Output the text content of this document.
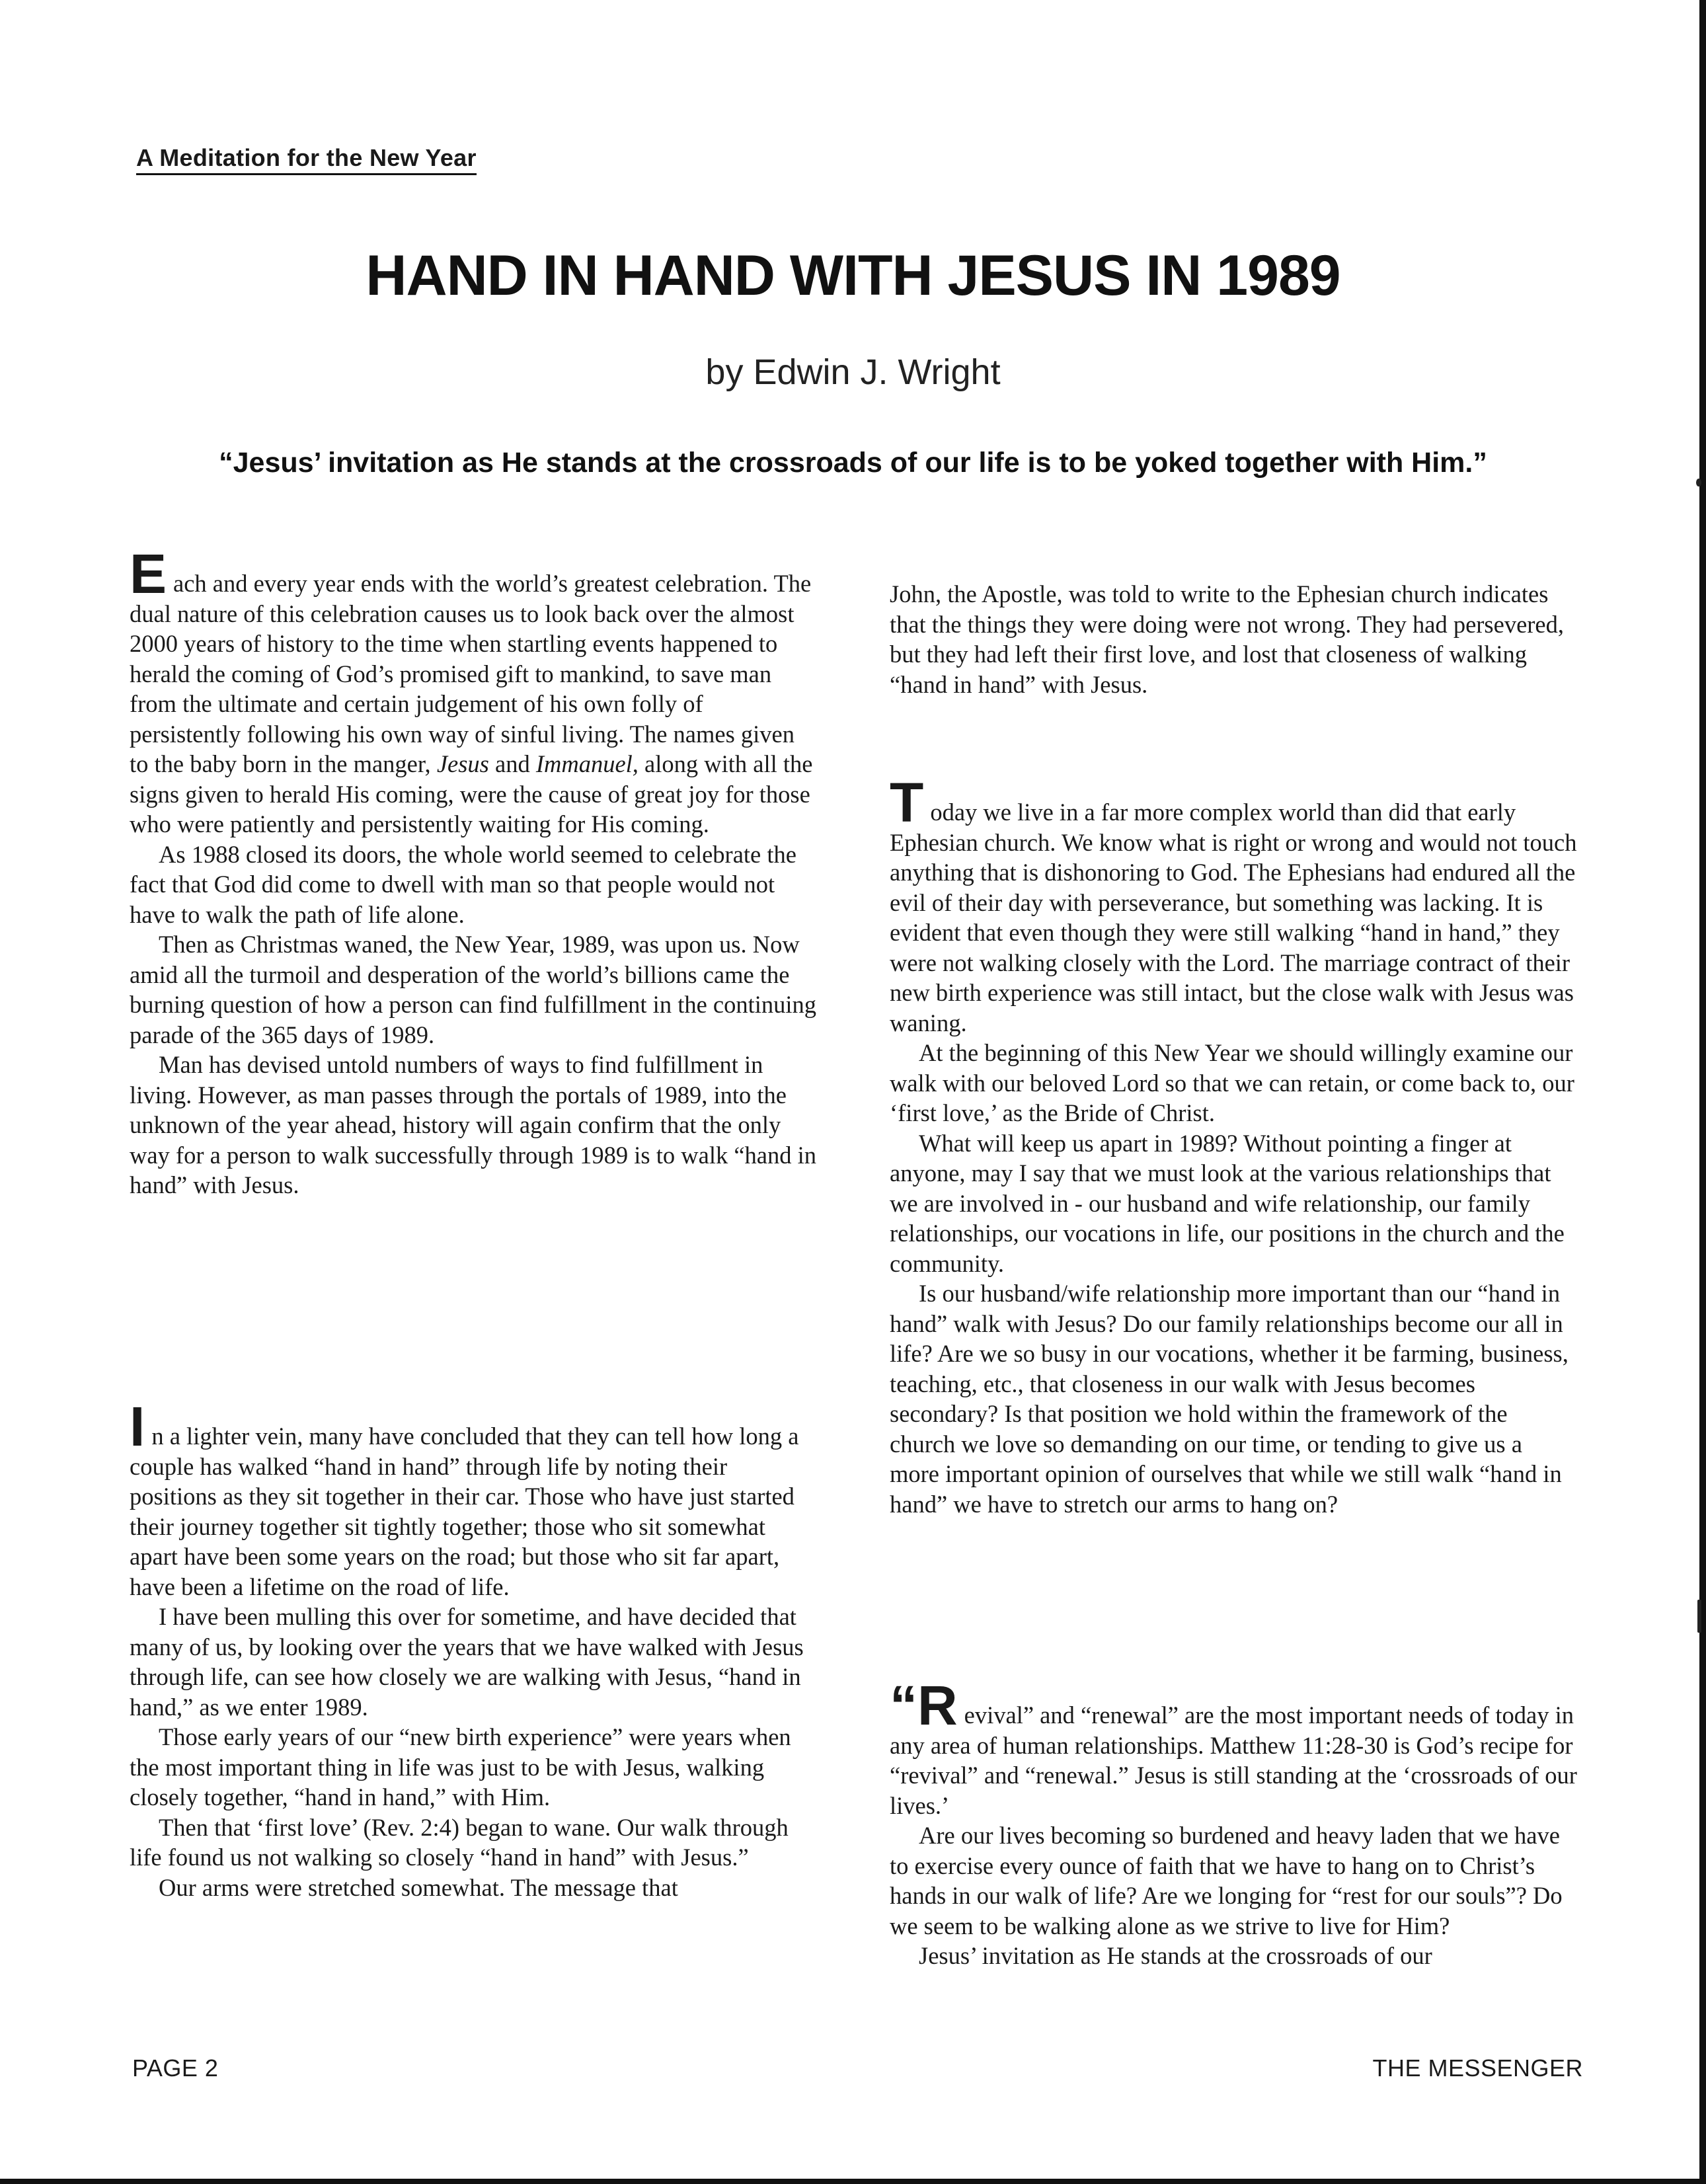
A Meditation for the New Year
HAND IN HAND WITH JESUS IN 1989
by Edwin J. Wright
“Jesus’ invitation as He stands at the crossroads of our life is to be yoked together with Him.”

Each and every year ends with the world’s greatest celebration. The dual nature of this celebration causes us to look back over the almost 2000 years of history to the time when startling events happened to herald the coming of God’s promised gift to mankind, to save man from the ultimate and certain judgement of his own folly of persistently following his own way of sinful living. The names given to the baby born in the manger, Jesus and Immanuel, along with all the signs given to herald His coming, were the cause of great joy for those who were patiently and persistently waiting for His coming.

As 1988 closed its doors, the whole world seemed to celebrate the fact that God did come to dwell with man so that people would not have to walk the path of life alone.

Then as Christmas waned, the New Year, 1989, was upon us. Now amid all the turmoil and desperation of the world’s billions came the burning question of how a person can find fulfillment in the continuing parade of the 365 days of 1989.

Man has devised untold numbers of ways to find fulfillment in living. However, as man passes through the portals of 1989, into the unknown of the year ahead, history will again confirm that the only way for a person to walk successfully through 1989 is to walk “hand in hand” with Jesus.

In a lighter vein, many have concluded that they can tell how long a couple has walked “hand in hand” through life by noting their positions as they sit together in their car. Those who have just started their journey together sit tightly together; those who sit somewhat apart have been some years on the road; but those who sit far apart, have been a lifetime on the road of life.

I have been mulling this over for sometime, and have decided that many of us, by looking over the years that we have walked with Jesus through life, can see how closely we are walking with Jesus, “hand in hand,” as we enter 1989.

Those early years of our “new birth experience” were years when the most important thing in life was just to be with Jesus, walking closely together, “hand in hand,” with Him.

Then that ‘first love’ (Rev. 2:4) began to wane. Our walk through life found us not walking so closely “hand in hand” with Jesus.”

Our arms were stretched somewhat. The message that

John, the Apostle, was told to write to the Ephesian church indicates that the things they were doing were not wrong. They had persevered, but they had left their first love, and lost that closeness of walking “hand in hand” with Jesus.

Today we live in a far more complex world than did that early Ephesian church. We know what is right or wrong and would not touch anything that is dishonoring to God. The Ephesians had endured all the evil of their day with perseverance, but something was lacking. It is evident that even though they were still walking “hand in hand,” they were not walking closely with the Lord. The marriage contract of their new birth experience was still intact, but the close walk with Jesus was waning.

At the beginning of this New Year we should willingly examine our walk with our beloved Lord so that we can retain, or come back to, our ‘first love,’ as the Bride of Christ.

What will keep us apart in 1989? Without pointing a finger at anyone, may I say that we must look at the various relationships that we are involved in - our husband and wife relationship, our family relationships, our vocations in life, our positions in the church and the community.

Is our husband/wife relationship more important than our “hand in hand” walk with Jesus? Do our family relationships become our all in life? Are we so busy in our vocations, whether it be farming, business, teaching, etc., that closeness in our walk with Jesus becomes secondary? Is that position we hold within the framework of the church we love so demanding on our time, or tending to give us a more important opinion of ourselves that while we still walk “hand in hand” we have to stretch our arms to hang on?

“Revival” and “renewal” are the most important needs of today in any area of human relationships. Matthew 11:28-30 is God’s recipe for “revival” and “renewal.” Jesus is still standing at the ‘crossroads of our lives.’

Are our lives becoming so burdened and heavy laden that we have to exercise every ounce of faith that we have to hang on to Christ’s hands in our walk of life? Are we longing for “rest for our souls”? Do we seem to be walking alone as we strive to live for Him?

Jesus’ invitation as He stands at the crossroads of our

PAGE 2	THE MESSENGER
